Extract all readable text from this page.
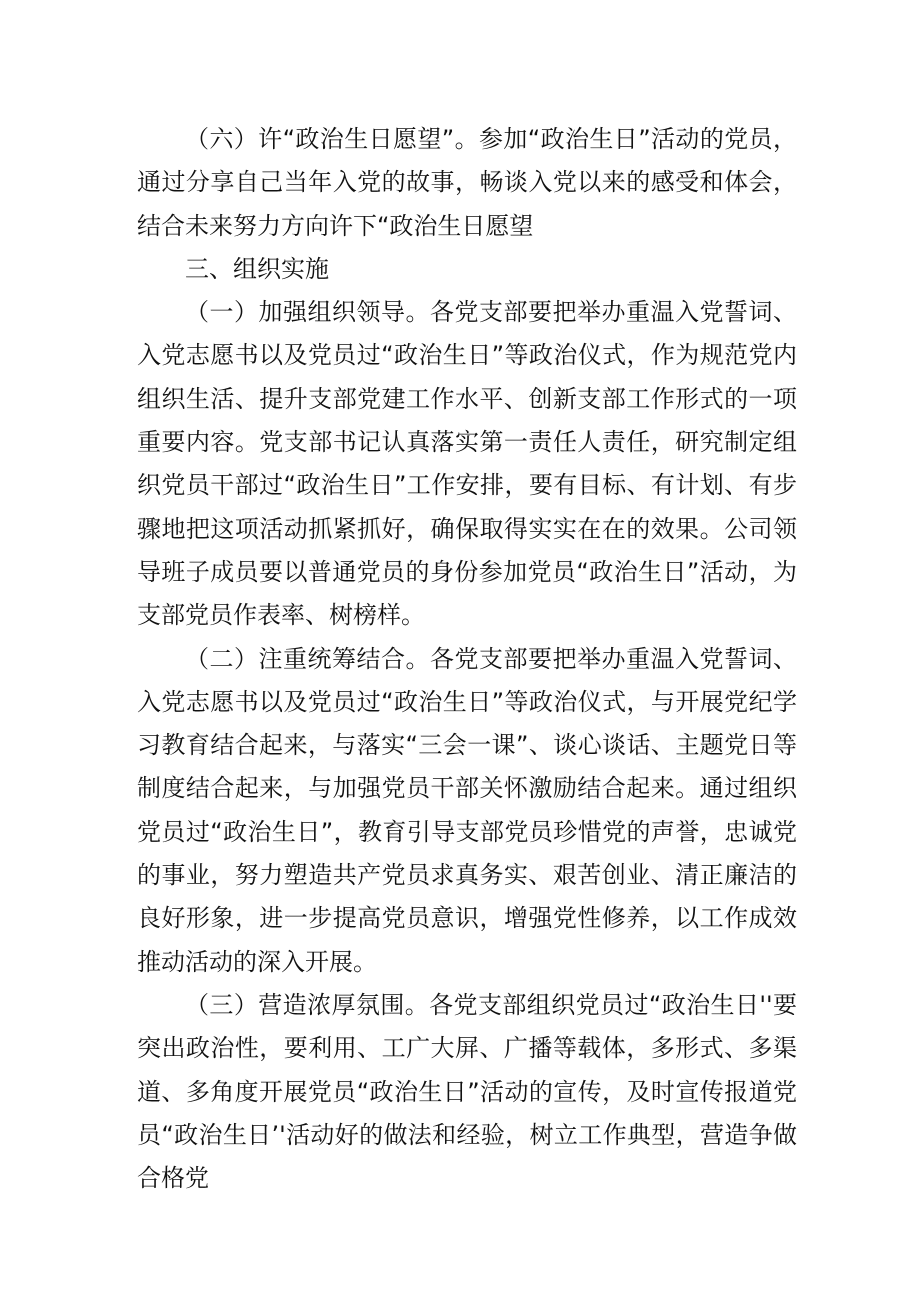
（六）许“政治生日愿望”。参加“政治生日”活动的党员，通过分享自己当年入党的故事，畅谈入党以来的感受和体会，结合未来努力方向许下“政治生日愿望

三、组织实施

（一）加强组织领导。各党支部要把举办重温入党誓词、入党志愿书以及党员过“政治生日”等政治仪式，作为规范党内组织生活、提升支部党建工作水平、创新支部工作形式的一项重要内容。党支部书记认真落实第一责任人责任，研究制定组织党员干部过“政治生日”工作安排，要有目标、有计划、有步骤地把这项活动抓紧抓好，确保取得实实在在的效果。公司领导班子成员要以普通党员的身份参加党员“政治生日”活动，为支部党员作表率、树榜样。

（二）注重统筹结合。各党支部要把举办重温入党誓词、入党志愿书以及党员过“政治生日”等政治仪式，与开展党纪学习教育结合起来，与落实“三会一课”、谈心谈话、主题党日等制度结合起来，与加强党员干部关怀激励结合起来。通过组织党员过“政治生日”，教育引导支部党员珍惜党的声誉，忠诚党的事业，努力塑造共产党员求真务实、艰苦创业、清正廉洁的良好形象，进一步提高党员意识，增强党性修养，以工作成效推动活动的深入开展。

（三）营造浓厚氛围。各党支部组织党员过“政治生日''要突出政治性，要利用、工广大屏、广播等载体，多形式、多渠道、多角度开展党员“政治生日”活动的宣传，及时宣传报道党员“政治生日’'活动好的做法和经验，树立工作典型，营造争做合格党
